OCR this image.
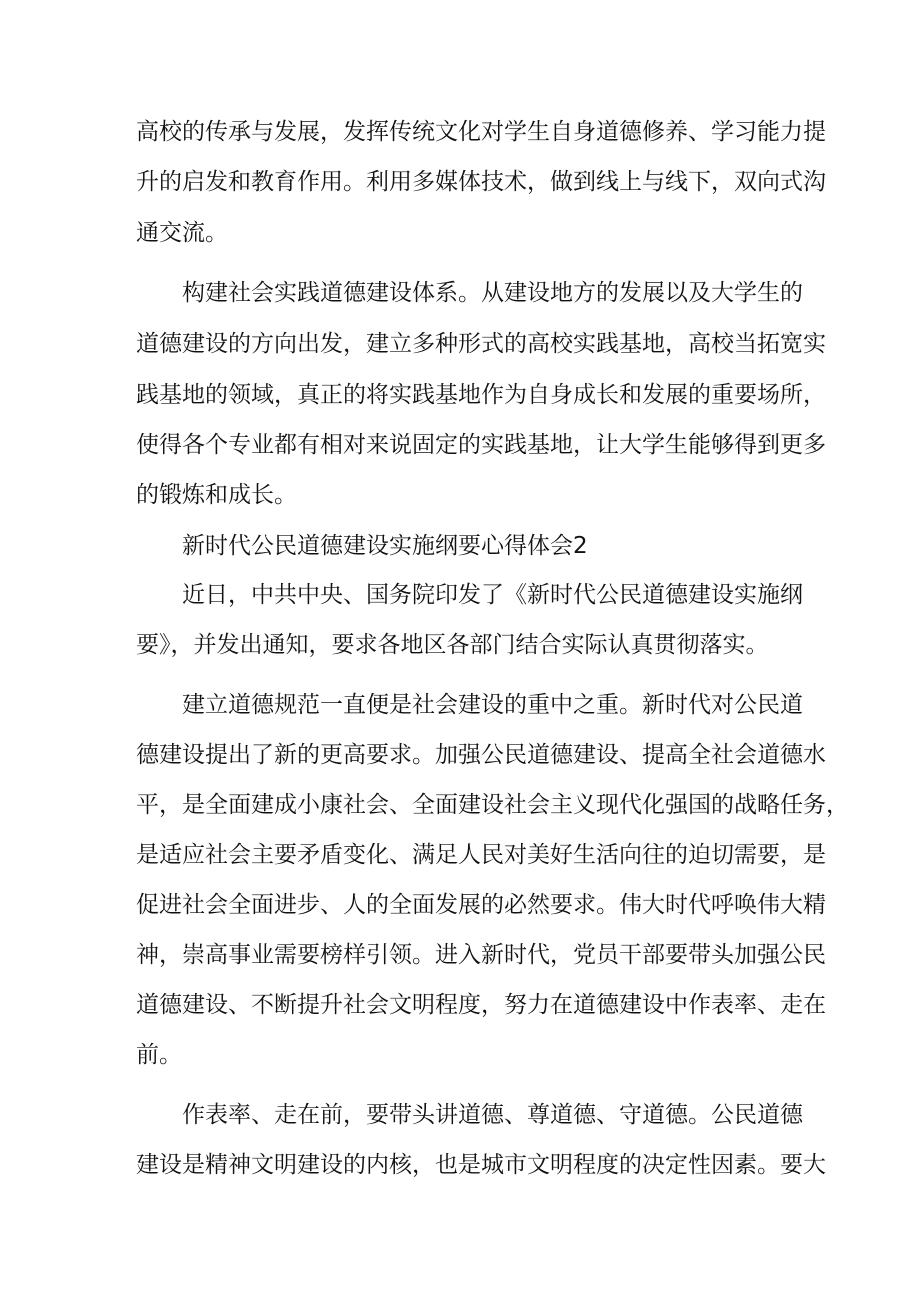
高校的传承与发展，发挥传统文化对学生自身道德修养、学习能力提
升的启发和教育作用。利用多媒体技术，做到线上与线下，双向式沟
通交流。
构建社会实践道德建设体系。从建设地方的发展以及大学生的
道德建设的方向出发，建立多种形式的高校实践基地，高校当拓宽实
践基地的领域，真正的将实践基地作为自身成长和发展的重要场所，
使得各个专业都有相对来说固定的实践基地，让大学生能够得到更多
的锻炼和成长。
新时代公民道德建设实施纲要心得体会2
近日，中共中央、国务院印发了《新时代公民道德建设实施纲
要》，并发出通知，要求各地区各部门结合实际认真贯彻落实。
建立道德规范一直便是社会建设的重中之重。新时代对公民道
德建设提出了新的更高要求。加强公民道德建设、提高全社会道德水
平，是全面建成小康社会、全面建设社会主义现代化强国的战略任务，
是适应社会主要矛盾变化、满足人民对美好生活向往的迫切需要，是
促进社会全面进步、人的全面发展的必然要求。伟大时代呼唤伟大精
神，崇高事业需要榜样引领。进入新时代，党员干部要带头加强公民
道德建设、不断提升社会文明程度，努力在道德建设中作表率、走在
前。
作表率、走在前，要带头讲道德、尊道德、守道德。公民道德
建设是精神文明建设的内核，也是城市文明程度的决定性因素。要大
